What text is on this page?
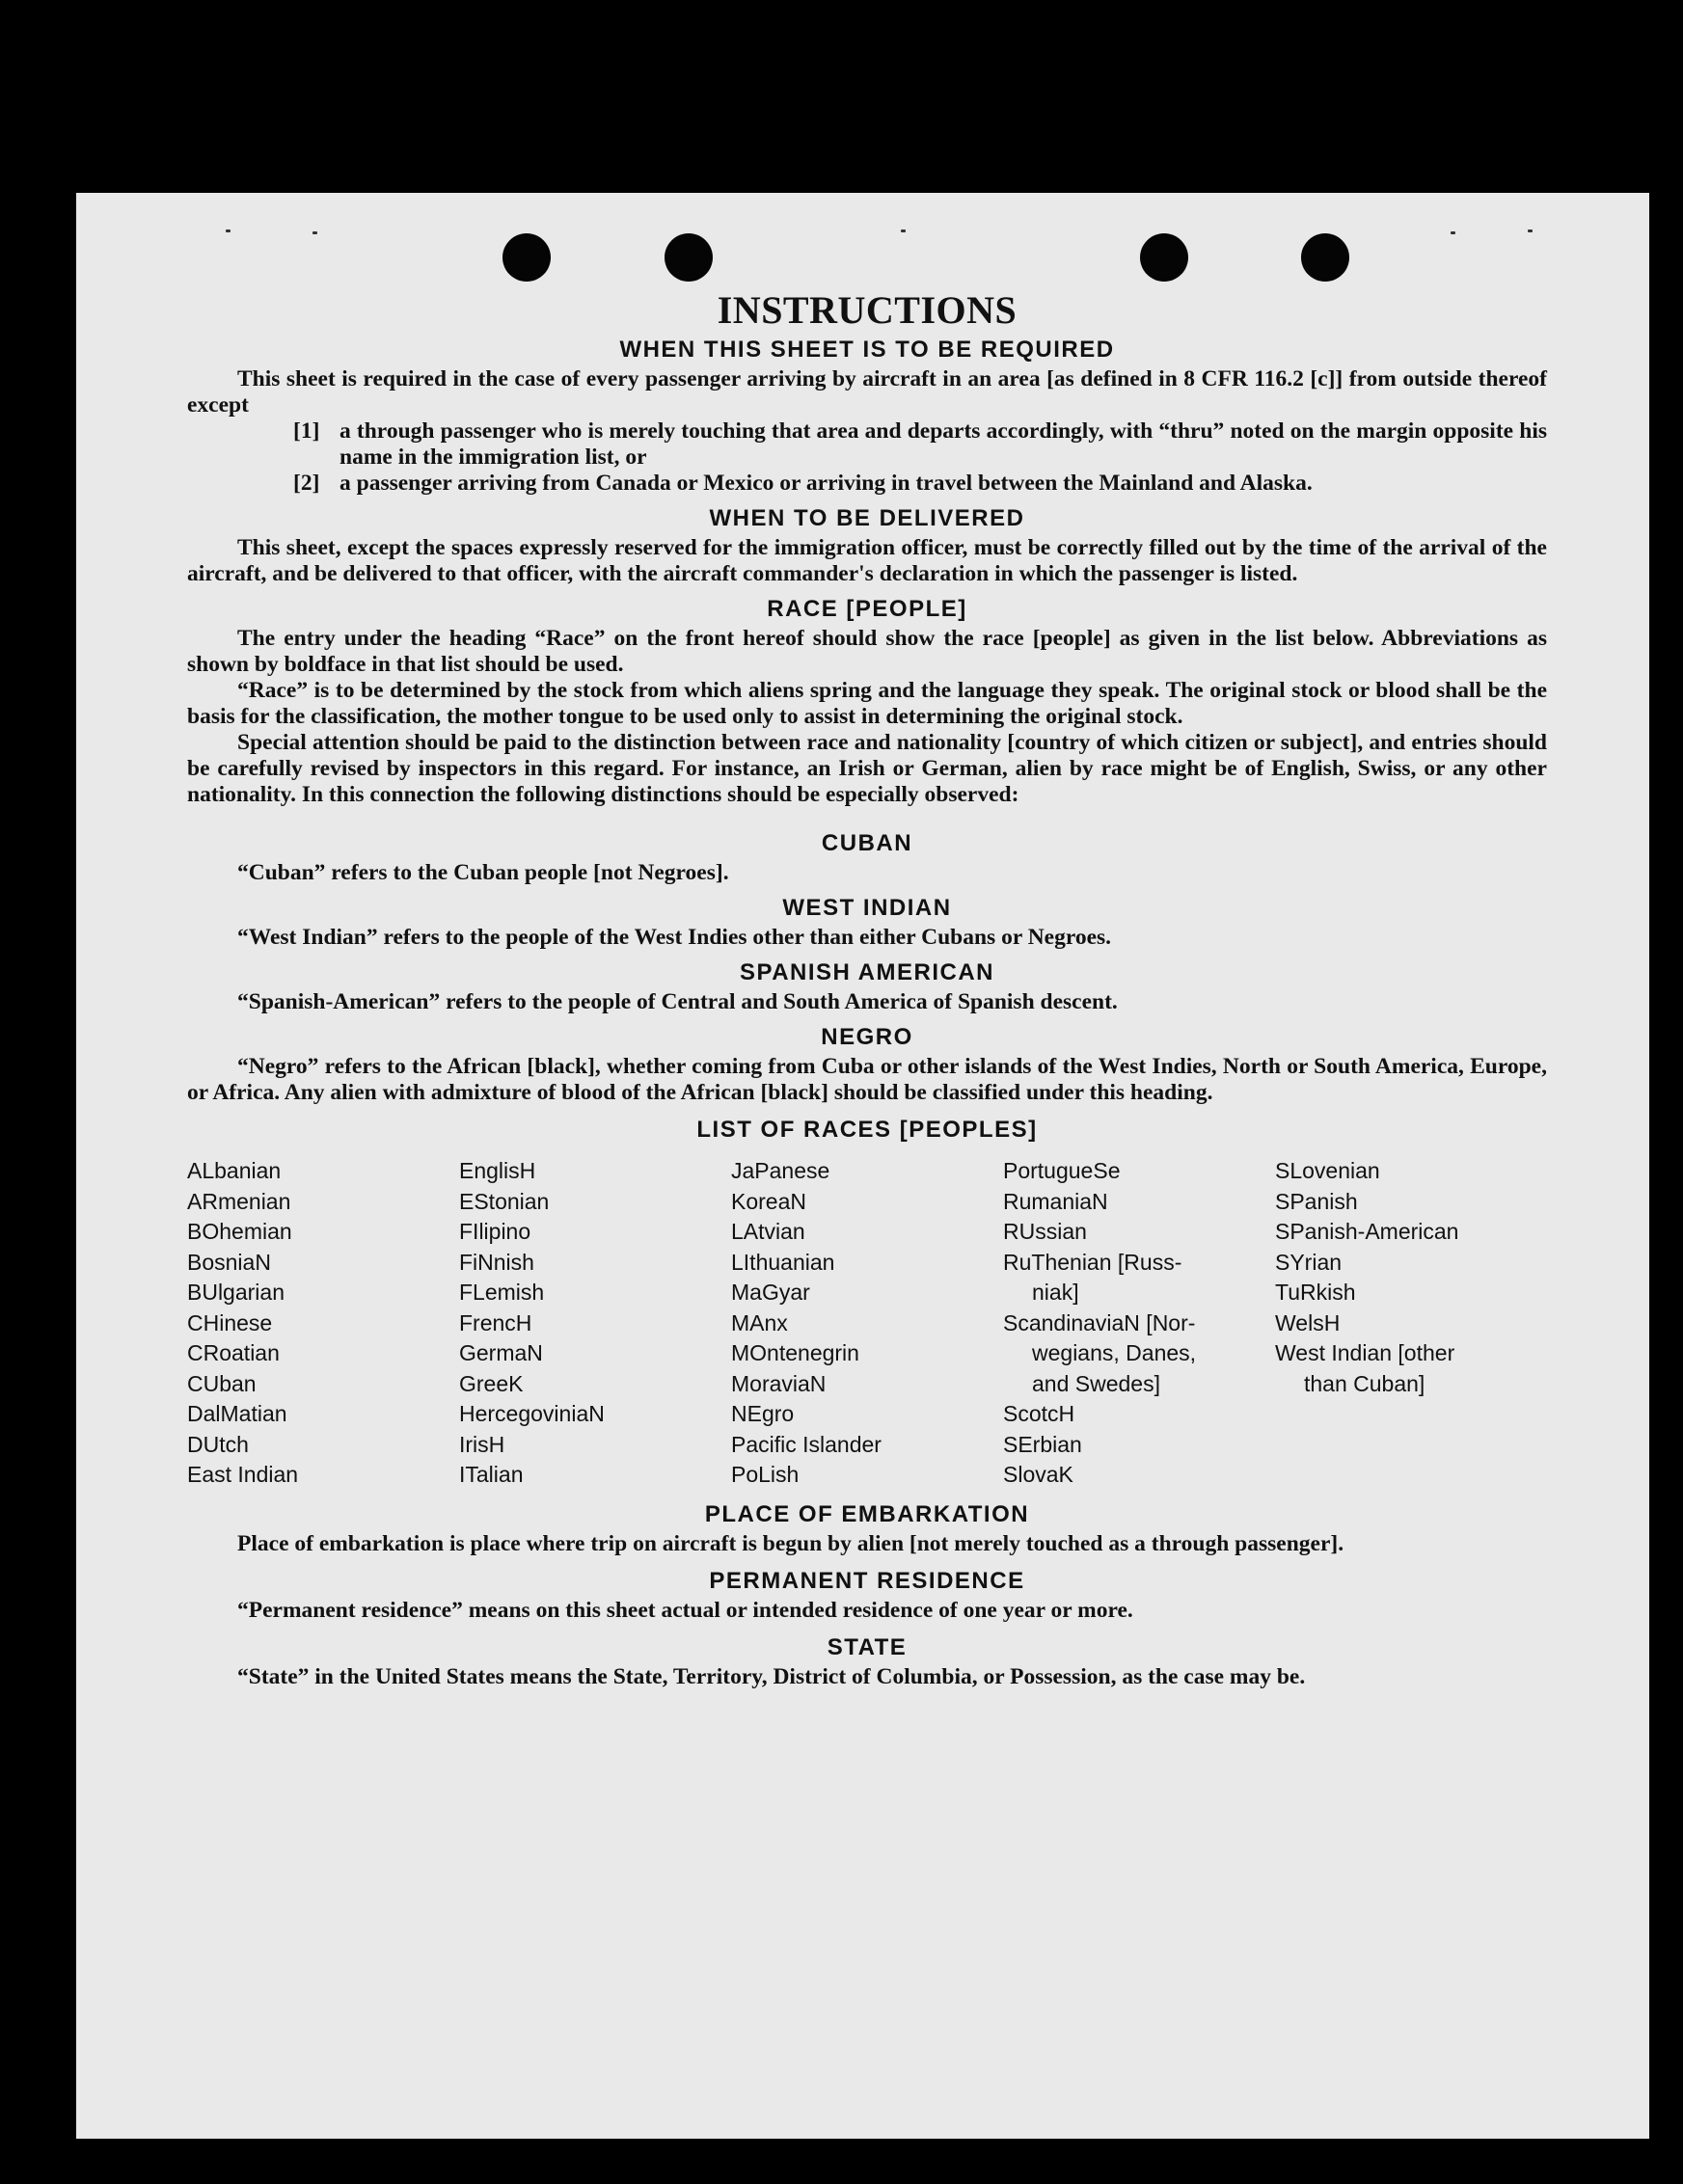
INSTRUCTIONS
WHEN THIS SHEET IS TO BE REQUIRED

This sheet is required in the case of every passenger arriving by aircraft in an area [as defined in 8 CFR 116.2 [c]] from outside thereof except

[1] a through passenger who is merely touching that area and departs accordingly, with “thru” noted on the margin opposite his name in the immigration list, or
[2] a passenger arriving from Canada or Mexico or arriving in travel between the Mainland and Alaska.
WHEN TO BE DELIVERED

This sheet, except the spaces expressly reserved for the immigration officer, must be correctly filled out by the time of the arrival of the aircraft, and be delivered to that officer, with the aircraft commander's declaration in which the passenger is listed.

RACE [PEOPLE]

The entry under the heading “Race” on the front hereof should show the race [people] as given in the list below. Abbreviations as shown by boldface in that list should be used.

“Race” is to be determined by the stock from which aliens spring and the language they speak. The original stock or blood shall be the basis for the classification, the mother tongue to be used only to assist in determining the original stock.

Special attention should be paid to the distinction between race and nationality [country of which citizen or subject], and entries should be carefully revised by inspectors in this regard. For instance, an Irish or German, alien by race might be of English, Swiss, or any other nationality. In this connection the following distinctions should be especially observed:

CUBAN

“Cuban” refers to the Cuban people [not Negroes].

WEST INDIAN

“West Indian” refers to the people of the West Indies other than either Cubans or Negroes.

SPANISH AMERICAN

“Spanish-American” refers to the people of Central and South America of Spanish descent.

NEGRO

“Negro” refers to the African [black], whether coming from Cuba or other islands of the West Indies, North or South America, Europe, or Africa. Any alien with admixture of blood of the African [black] should be classified under this heading.

LIST OF RACES [PEOPLES]
ALbanian
ARmenian
BOhemian
BosniaN
BUlgarian
CHinese
CRoatian
CUban
DalMatian
DUtch
East Indian
EnglisH
EStonian
FIlipino
FiNnish
FLemish
FrencH
GermaN
GreeK
HercegoviniaN
IrisH
ITalian
JaPanese
KoreaN
LAtvian
LIthuanian
MaGyar
MAnx
MOntenegrin
MoraviaN
NEgro
Pacific Islander
PoLish
PortugueSe
RumaniaN
RUssian
RuThenian [Russ-
niak]
ScandinaviaN [Nor-
wegians, Danes,
and Swedes]
ScotcH
SErbian
SlovaK
SLovenian
SPanish
SPanish-American
SYrian
TuRkish
WelsH
West Indian [other
than Cuban]
PLACE OF EMBARKATION

Place of embarkation is place where trip on aircraft is begun by alien [not merely touched as a through passenger].

PERMANENT RESIDENCE

“Permanent residence” means on this sheet actual or intended residence of one year or more.

STATE

“State” in the United States means the State, Territory, District of Columbia, or Possession, as the case may be.
